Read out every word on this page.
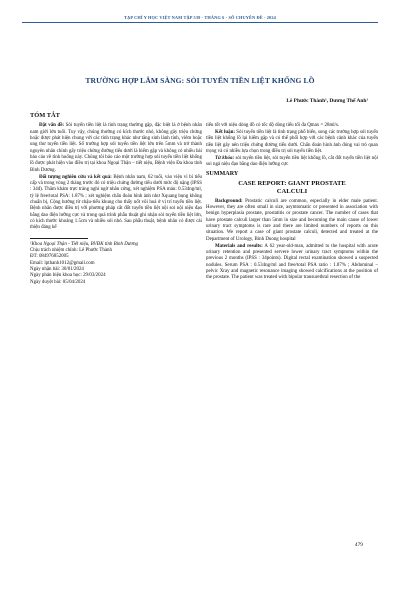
TẠP CHÍ Y HỌC VIỆT NAM TẬP 539 - THÁNG 6 - SỐ CHUYÊN ĐỀ - 2024
TRƯỜNG HỢP LÂM SÀNG: SỎI TUYẾN TIỀN LIỆT KHỔNG LỒ
Lê Phước Thành¹, Dương Thế Anh¹
TÓM TẮT

Đặt vấn đề: Sỏi tuyến tiền liệt là tình trạng thường gặp, đặc biệt là ở bệnh nhân nam giới lớn tuổi. Tuy vậy, chúng thường có kích thước nhỏ, không gây triệu chứng hoặc được phát hiện chung với các tình trạng khác như tăng sinh lành tính, viêm hoặc ung thư tuyến tiền liệt. Số trường hợp sỏi tuyến tiền liệt lớn trên 5mm và trở thành nguyên nhân chính gây triệu chứng đường tiểu dưới là hiếm gặp và không có nhiều bài báo cáo về tình huống này. Chúng tôi báo cáo một trường hợp sỏi tuyến tiền liệt khổng lồ được phát hiện vào điều trị tại khoa Ngoại Thận – tiết niệu, Bệnh viện Đa khoa tỉnh Bình Dương.

Đối tượng nghiên cứu và kết quả: Bệnh nhân nam, 62 tuổi, vào viện vì bí tiểu cấp và trong vòng 2 tháng trước đó có triệu chứng đường tiểu dưới mức độ nặng (IPSS : 34đ). Thăm khám trực tràng nghi ngờ nhân cứng, xét nghiệm PSA máu: 0.534ng/ml, tỷ lệ free/total PSA: 1.87% ; xét nghiệm chẩn đoán hình ảnh như Xquang bụng không chuẩn bị, Cộng hưởng từ chậu-tiểu khung cho thấy nốt vôi hoá ở vị trí tuyến tiền liệt. Bệnh nhân được điều trị với phương pháp cắt đốt tuyến tiền liệt nội soi nội niệu đạo bằng dao điện lưỡng cực và trong quá trình phẫu thuật ghi nhận sỏi tuyến tiền liệt lớn, có kích thước khoảng 1.5cm và nhiều sỏi nhỏ. Sau phẫu thuật, bệnh nhân có được cải thiện đáng kể

¹Khoa Ngoại Thận - Tiết niệu, BVĐK tỉnh Bình Dương
Chịu trách nhiệm chính: Lê Phước Thành
ĐT: 084976852005
Email: lpthanh1012@gmail.com
Ngày nhận bài: 30/01/2024
Ngày phản biện khoa học: 29/03/2024
Ngày duyệt bài: 05/04/2024

tiểu tốt với niệu dòng đồ có tốc độ dòng tiểu tối đa Qmax = 28ml/s.

Kết luận: Sỏi tuyến tiền liệt là tình trạng phổ biến, song các trường hợp sỏi tuyến tiền liệt khổng lồ lại hiếm gặp và có thể phối hợp với các bệnh cảnh khác của tuyến tiền liệt gây nên triệu chứng đường tiểu dưới. Chẩn đoán hình ảnh đóng vai trò quan trọng và có nhiều lựa chọn trong điều trị sỏi tuyến tiền liệt.

Từ khóa: sỏi tuyến tiền liệt, sỏi tuyến tiền liệt khổng lồ, cắt đốt tuyến tiền liệt nội soi ngả niệu đạo bằng dao điện lưỡng cực

SUMMARY
CASE REPORT: GIANT PROSTATE
CALCULI

Background: Prostatic calculi are common, especially in elder male patient. However, they are often small in size, asymtomatic or presented in association with benign hyperplasia prostate, prostatitis or prostate cancer. The number of cases that have prostate calculi larger than 5mm in size and becoming the main cause of lower urinary tract symptoms is rare and there are limited numbers of reports on this situation. We report a case of giant prostate calculi, detected and treated at the Department of Urology, Binh Duong hospital

Materials and results: A 62 year-old-man, admitted to the hospital with acute urinary retention and presented servere lower urinary tract symptoms within the previous 2 months (IPSS : 34points). Digital rectal examination showed a suspected nodules. Serum PSA : 0.534ng/ml and free/total PSA ratio : 1.87% ; Abdominal – pelvic Xray and magnetic resonance imaging showed calcifications at the position of the prostate. The patient was treated with bipolar transurethral resection of the

479
